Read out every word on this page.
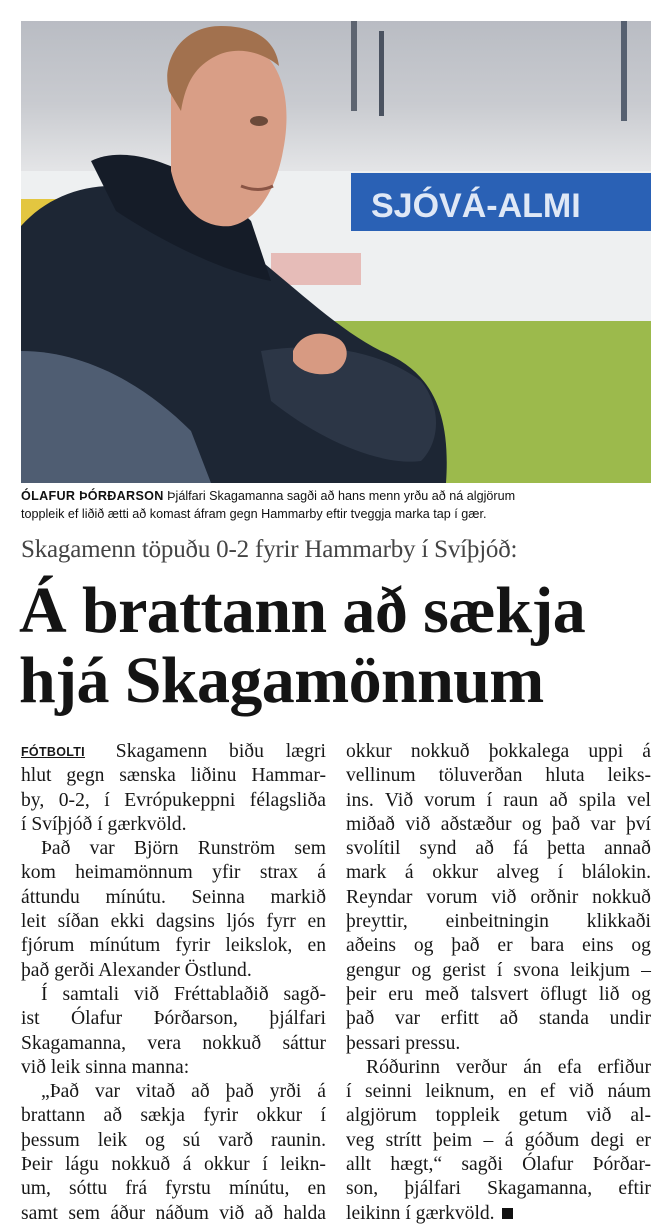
SJÓVÁ-ALMI
ÓLAFUR ÞÓRÐARSON Þjálfari Skagamanna sagði að hans menn yrðu að ná algjörum
toppleik ef liðið ætti að komast áfram gegn Hammarby eftir tveggja marka tap í gær.
Skagamenn töpuðu 0-2 fyrir Hammarby í Svíþjóð:
Á brattann að sækja
hjá Skagamönnum
FÓTBOLTI Skagamenn biðu lægri
hlut gegn sænska liðinu Hammar-
by, 0-2, í Evrópukeppni félagsliða
í Svíþjóð í gærkvöld.
Það var Björn Runström sem
kom heimamönnum yfir strax á
áttundu mínútu. Seinna markið
leit síðan ekki dagsins ljós fyrr en
fjórum mínútum fyrir leikslok, en
það gerði Alexander Östlund.
Í samtali við Fréttablaðið sagð-
ist Ólafur Þórðarson, þjálfari
Skagamanna, vera nokkuð sáttur
við leik sinna manna:
„Það var vitað að það yrði á
brattann að sækja fyrir okkur í
þessum leik og sú varð raunin.
Þeir lágu nokkuð á okkur í leikn-
um, sóttu frá fyrstu mínútu, en
samt sem áður náðum við að halda
okkur nokkuð þokkalega uppi á
vellinum töluverðan hluta leiks-
ins. Við vorum í raun að spila vel
miðað við aðstæður og það var því
svolítil synd að fá þetta annað
mark á okkur alveg í blálokin.
Reyndar vorum við orðnir nokkuð
þreyttir, einbeitningin klikkaði
aðeins og það er bara eins og
gengur og gerist í svona leikjum –
þeir eru með talsvert öflugt lið og
það var erfitt að standa undir
þessari pressu.
Róðurinn verður án efa erfiður
í seinni leiknum, en ef við náum
algjörum toppleik getum við al-
veg strítt þeim – á góðum degi er
allt hægt,“ sagði Ólafur Þórðar-
son, þjálfari Skagamanna, eftir
leikinn í gærkvöld.
